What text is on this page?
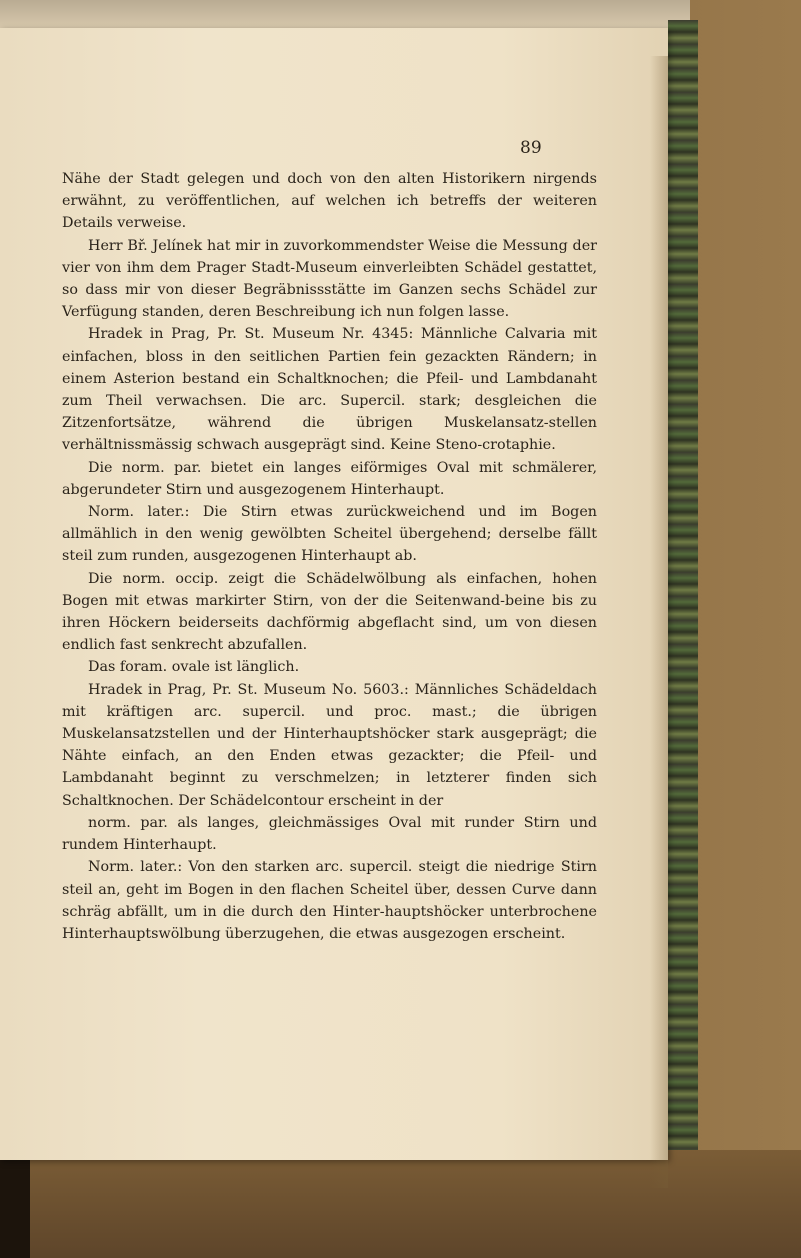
89

Nähe der Stadt gelegen und doch von den alten Historikern nirgends erwähnt, zu veröffentlichen, auf welchen ich betreffs der weiteren Details verweise.

Herr Bř. Jelínek hat mir in zuvorkommendster Weise die Messung der vier von ihm dem Prager Stadt-Museum einverleibten Schädel gestattet, so dass mir von dieser Begräbnissstätte im Ganzen sechs Schädel zur Verfügung standen, deren Beschreibung ich nun folgen lasse.

Hradek in Prag, Pr. St. Museum Nr. 4345: Männliche Calvaria mit einfachen, bloss in den seitlichen Partien fein gezackten Rändern; in einem Asterion bestand ein Schaltknochen; die Pfeil- und Lambdanaht zum Theil verwachsen. Die arc. Supercil. stark; desgleichen die Zitzenfortsätze, während die übrigen Muskelansatz-stellen verhältnissmässig schwach ausgeprägt sind. Keine Steno-crotaphie.

Die norm. par. bietet ein langes eiförmiges Oval mit schmälerer, abgerundeter Stirn und ausgezogenem Hinterhaupt.

Norm. later.: Die Stirn etwas zurückweichend und im Bogen allmählich in den wenig gewölbten Scheitel übergehend; derselbe fällt steil zum runden, ausgezogenen Hinterhaupt ab.

Die norm. occip. zeigt die Schädelwölbung als einfachen, hohen Bogen mit etwas markirter Stirn, von der die Seitenwand-beine bis zu ihren Höckern beiderseits dachförmig abgeflacht sind, um von diesen endlich fast senkrecht abzufallen.

Das foram. ovale ist länglich.

Hradek in Prag, Pr. St. Museum No. 5603.: Männliches Schädeldach mit kräftigen arc. supercil. und proc. mast.; die übrigen Muskelansatzstellen und der Hinterhauptshöcker stark ausgeprägt; die Nähte einfach, an den Enden etwas gezackter; die Pfeil- und Lambdanaht beginnt zu verschmelzen; in letzterer finden sich Schaltknochen. Der Schädelcontour erscheint in der

norm. par. als langes, gleichmässiges Oval mit runder Stirn und rundem Hinterhaupt.

Norm. later.: Von den starken arc. supercil. steigt die niedrige Stirn steil an, geht im Bogen in den flachen Scheitel über, dessen Curve dann schräg abfällt, um in die durch den Hinter-hauptshöcker unterbrochene Hinterhauptswölbung überzugehen, die etwas ausgezogen erscheint.
